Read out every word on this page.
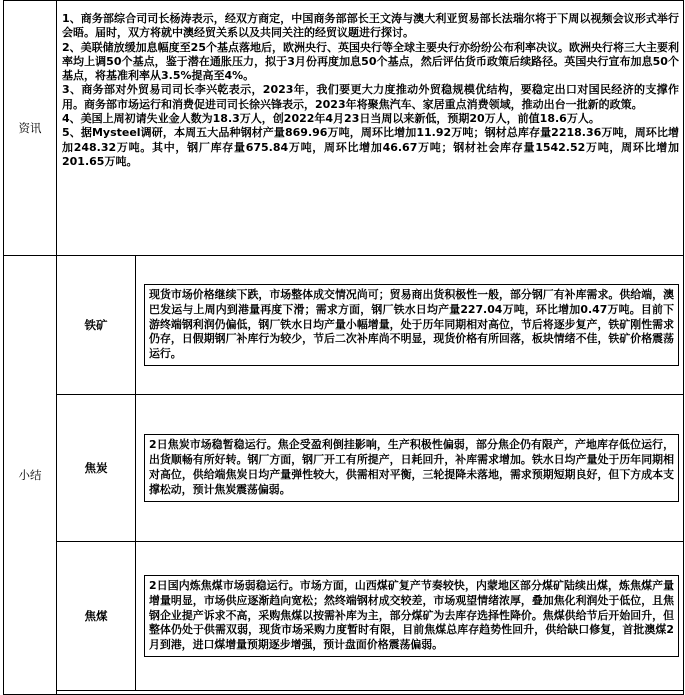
资讯	1、商务部综合司司长杨涛表示，经双方商定，中国商务部部长王文涛与澳大利亚贸易部长法瑞尔将于下周以视频会议形式举行会晤。届时，双方将就中澳经贸关系以及共同关注的经贸议题进行探讨。

2、美联储放缓加息幅度至25个基点落地后，欧洲央行、英国央行等全球主要央行亦纷纷公布利率决议。欧洲央行将三大主要利率均上调50个基点，鉴于潜在通胀压力，拟于3月份再度加息50个基点，然后评估货币政策后续路径。英国央行宣布加息50个基点，将基准利率从3.5%提高至4%。

3、商务部对外贸易司司长李兴乾表示，2023年，我们要更大力度推动外贸稳规模优结构，要稳定出口对国民经济的支撑作用。商务部市场运行和消费促进司司长徐兴锋表示，2023年将聚焦汽车、家居重点消费领域，推动出台一批新的政策。

4、美国上周初请失业金人数为18.3万人，创2022年4月23日当周以来新低，预期20万人，前值18.6万人。

5、据Mysteel调研，本周五大品种钢材产量869.96万吨，周环比增加11.92万吨；钢材总库存量2218.36万吨，周环比增加248.32万吨。其中，钢厂库存量675.84万吨，周环比增加46.67万吨；钢材社会库存量1542.52万吨，周环比增加201.65万吨。	

小结	铁矿	现货市场价格继续下跌，市场整体成交情况尚可；贸易商出货积极性一般，部分钢厂有补库需求。供给端，澳巴发运与上周内到港量再度下滑；需求方面，钢厂铁水日均产量227.04万吨，环比增加0.47万吨。目前下游终端钢利润仍偏低，钢厂铁水日均产量小幅增量，处于历年同期相对高位，节后将逐步复产，铁矿刚性需求仍存，日假期钢厂补库行为较少，节后二次补库尚不明显，现货价格有所回落，板块情绪不佳，铁矿价格震荡运行。

	焦炭	2日焦炭市场稳暂稳运行。焦企受盈利倒挂影响，生产积极性偏弱，部分焦企仍有限产，产地库存低位运行，出货顺畅有所好转。钢厂方面，钢厂开工有所提产，日耗回升，补库需求增加。铁水日均产量处于历年同期相对高位，供给端焦炭日均产量弹性较大，供需相对平衡，三轮提降未落地，需求预期短期良好，但下方成本支撑松动，预计焦炭震荡偏弱。

	焦煤	2日国内炼焦煤市场弱稳运行。市场方面，山西煤矿复产节奏较快，内蒙地区部分煤矿陆续出煤，炼焦煤产量增量明显，市场供应逐渐趋向宽松；然终端钢材成交较差，市场观望情绪浓厚，叠加焦化利润处于低位，且焦钢企业提产诉求不高，采购焦煤以按需补库为主，部分煤矿为去库存选择性降价。焦煤供给节后开始回升，但整体仍处于供需双弱，现货市场采购力度暂时有限，目前焦煤总库存趋势性回升，供给缺口修复，首批澳煤2月到港，进口煤增量预期逐步增强，预计盘面价格震荡偏弱。
